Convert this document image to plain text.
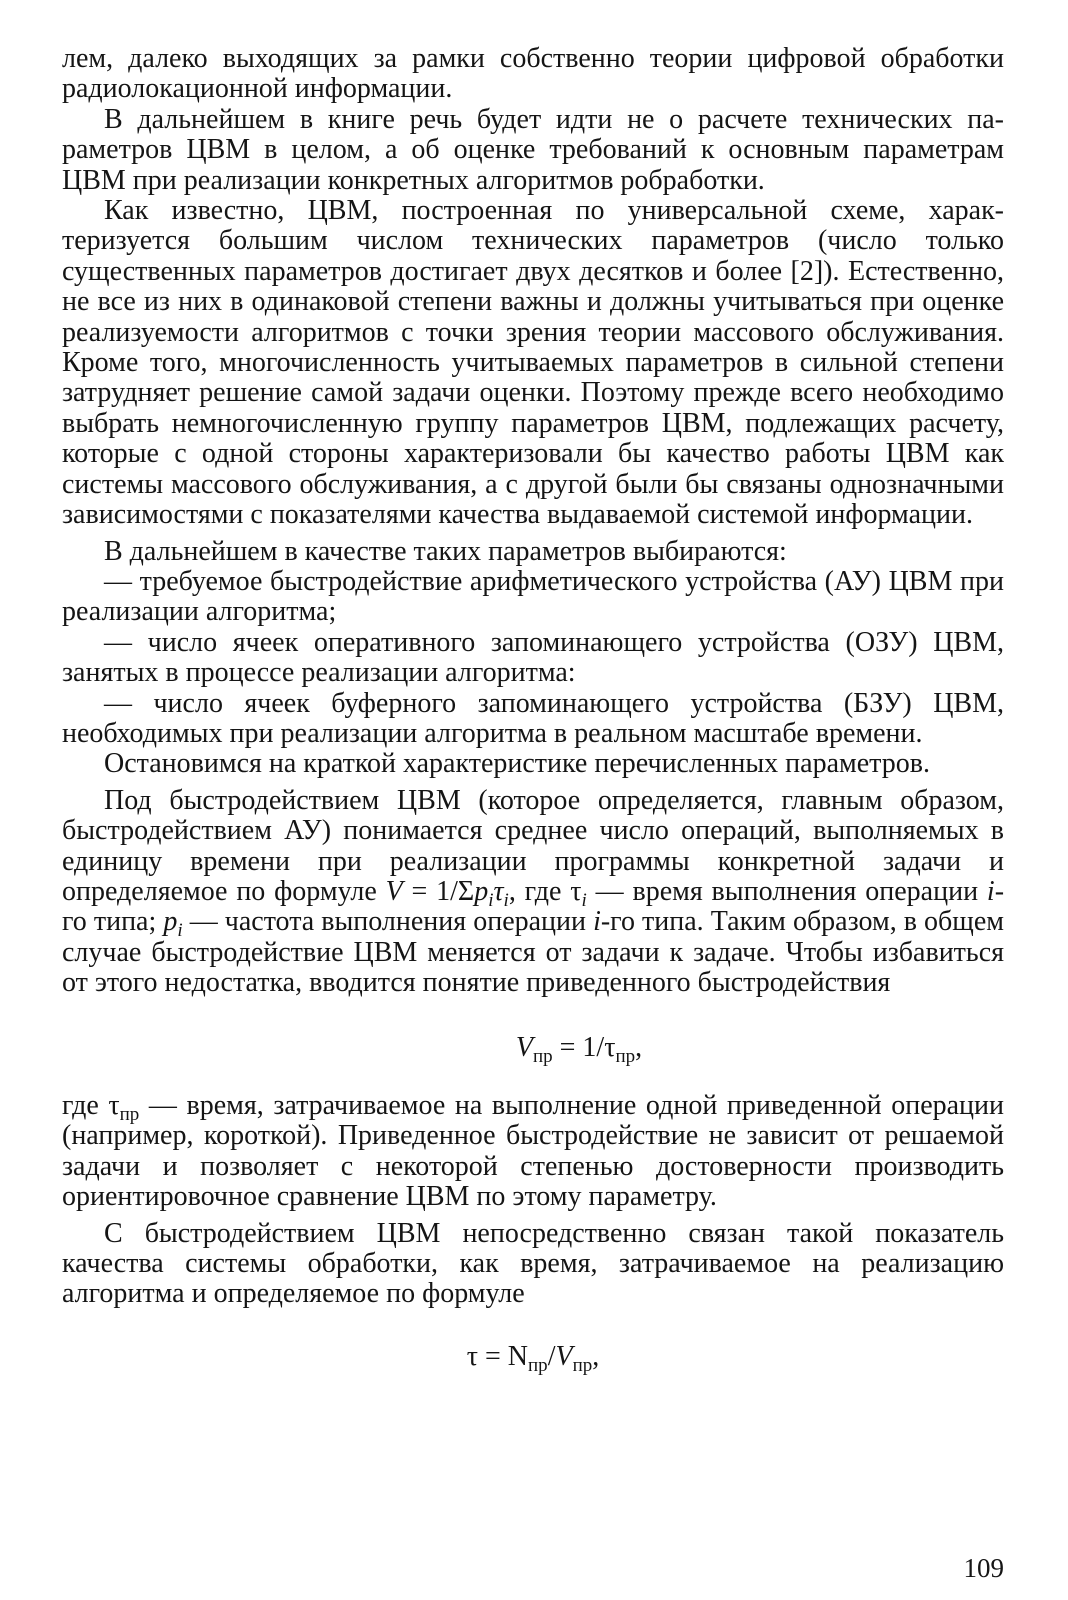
лем, далеко выходящих за рамки собственно теории цифровой обработки радиолокационной информации.

В дальнейшем в книге речь будет идти не о расчете технических параметров ЦВМ в целом, а об оценке требований к основным параметрам ЦВМ при реализации конкретных алгоритмов робработки.

Как известно, ЦВМ, построенная по универсальной схеме, характеризуется большим числом технических параметров (число только существенных параметров достигает двух десятков и более [2]). Естественно, не все из них в одинаковой степени важны и должны учитываться при оценке реализуемости алгоритмов с точки зрения теории массового обслуживания. Кроме того, многочисленность учитываемых параметров в сильной степени затрудняет решение самой задачи оценки. Поэтому прежде всего необходимо выбрать немногочисленную группу параметров ЦВМ, подлежащих расчету, которые с одной стороны характеризовали бы качество работы ЦВМ как системы массового обслуживания, а с другой были бы связаны однозначными зависимостями с показателями качества выдаваемой системой информации.

В дальнейшем в качестве таких параметров выбираются:

— требуемое быстродействие арифметического устройства (АУ) ЦВМ при реализации алгоритма;

— число ячеек оперативного запоминающего устройства (ОЗУ) ЦВМ, занятых в процессе реализации алгоритма:

— число ячеек буферного запоминающего устройства (БЗУ) ЦВМ, необходимых при реализации алгоритма в реальном масштабе времени.

Остановимся на краткой характеристике перечисленных параметров.

Под быстродействием ЦВМ (которое определяется, главным образом, быстродействием АУ) понимается среднее число операций, выполняемых в единицу времени при реализации программы конкретной задачи и определяемое по формуле $V = 1/\Sigma p_i\tau_i$, где $\tau_i$ — время выполнения операции i-го типа; $p_i$ — частота выполнения операции i-го типа. Таким образом, в общем случае быстродействие ЦВМ меняется от задачи к задаче. Чтобы избавиться от этого недостатка, вводится понятие приведенного быстродействия

$V_{пр} = 1/\tau_{пр}$,

где $\tau_{пр}$ — время, затрачиваемое на выполнение одной приведенной операции (например, короткой). Приведенное быстродействие не зависит от решаемой задачи и позволяет с некоторой степенью достоверности производить ориентировочное сравнение ЦВМ по этому параметру.

С быстродействием ЦВМ непосредственно связан такой показатель качества системы обработки, как время, затрачиваемое на реализацию алгоритма и определяемое по формуле

$\tau = N_{пр}/V_{пр}$,

109
